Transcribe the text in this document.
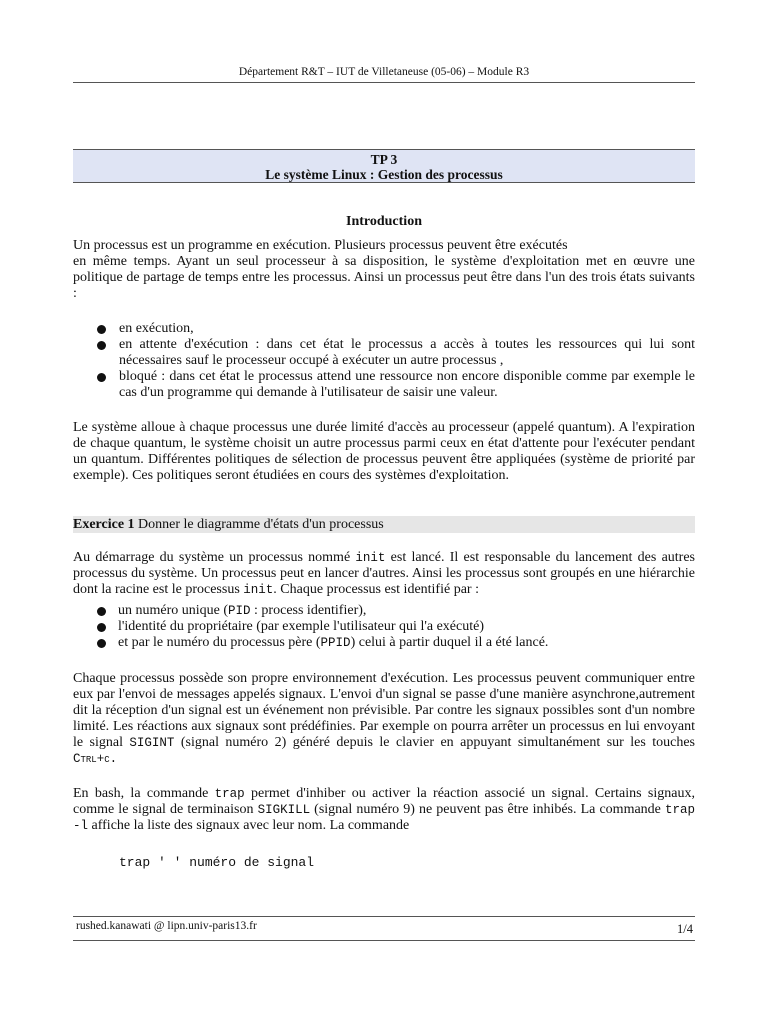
Département R&T – IUT de Villetaneuse (05-06) – Module R3
TP 3
Le système Linux : Gestion des processus
Introduction
Un processus est un programme en exécution. Plusieurs processus peuvent être exécutés
en même temps. Ayant un seul processeur à sa disposition, le système d'exploitation met en œuvre une politique de partage de temps entre les processus. Ainsi un processus peut être dans l'un des trois états suivants :
en exécution,
en attente d'exécution : dans cet état le processus a accès à toutes les ressources qui lui sont nécessaires sauf le processeur occupé à exécuter un autre processus ,
bloqué : dans cet état le processus attend une ressource non encore disponible comme par exemple le cas d'un programme qui demande à l'utilisateur de saisir une valeur.
Le système alloue à chaque processus une durée limité d'accès au processeur (appelé quantum). A l'expiration de chaque quantum, le système choisit un autre processus parmi ceux en état d'attente pour l'exécuter pendant un quantum. Différentes politiques de sélection de processus peuvent être appliquées (système de priorité par exemple). Ces politiques seront étudiées en cours des systèmes d'exploitation.
Exercice 1 Donner le diagramme d'états d'un processus
Au démarrage du système un processus nommé init est lancé. Il est responsable du lancement des autres processus du système. Un processus peut en lancer d'autres. Ainsi les processus sont groupés en une hiérarchie dont la racine est le processus init. Chaque processus est identifié par :
un numéro unique (PID : process identifier),
l'identité du propriétaire (par exemple l'utilisateur qui l'a exécuté)
et par le numéro du processus père (PPID) celui à partir duquel il a été lancé.
Chaque processus possède son propre environnement d'exécution. Les processus peuvent communiquer entre eux par l'envoi de messages appelés signaux. L'envoi d'un signal se passe d'une manière asynchrone,autrement dit la réception d'un signal est un événement non prévisible. Par contre les signaux possibles sont d'un nombre limité. Les réactions aux signaux sont prédéfinies. Par exemple on pourra arrêter un processus en lui envoyant le signal SIGINT (signal numéro 2) généré depuis le clavier en appuyant simultanément sur les touches Ctrl+c.
En bash, la commande trap permet d'inhiber ou activer la réaction associé un signal. Certains signaux, comme le signal de terminaison SIGKILL (signal numéro 9) ne peuvent pas être inhibés. La commande trap -l affiche la liste des signaux avec leur nom. La commande
trap ' ' numéro de signal
rushed.kanawati @ lipn.univ-paris13.fr	1/4
